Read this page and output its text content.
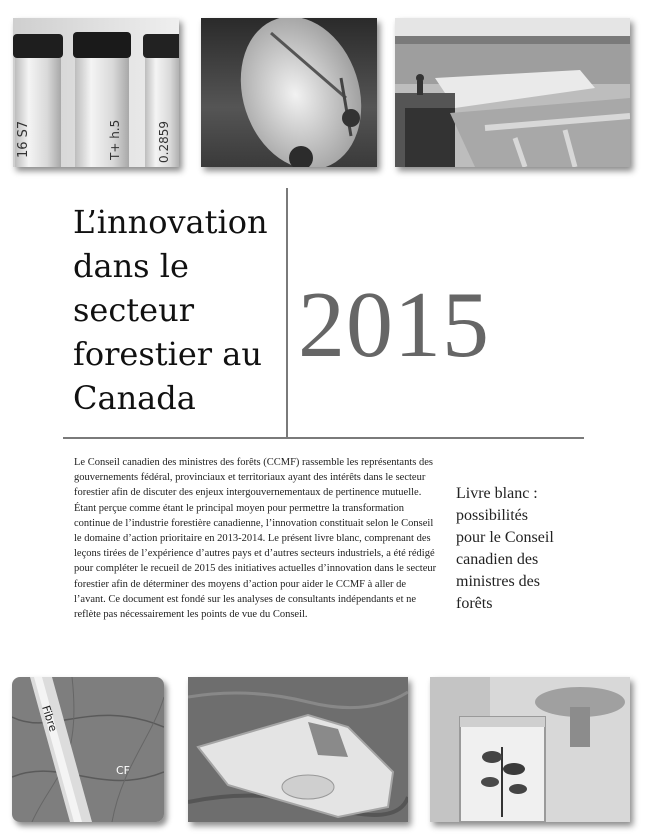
16 S7	T+ h.5	0.2859
L’innovation
dans le
secteur
forestier au
Canada
2015

Le Conseil canadien des ministres des forêts (CCMF) rassemble les représentants des gouvernements fédéral, provinciaux et territoriaux ayant des intérêts dans le secteur forestier afin de discuter des enjeux intergouvernementaux de pertinence mutuelle. Étant perçue comme étant le principal moyen pour permettre la transformation continue de l’industrie forestière canadienne, l’innovation constituait selon le Conseil le domaine d’action prioritaire en 2013-2014. Le présent livre blanc, comprenant des leçons tirées de l’expérience d’autres pays et d’autres secteurs industriels, a été rédigé pour compléter le recueil de 2015 des initiatives actuelles d’innovation dans le secteur forestier afin de déterminer des moyens d’action pour aider le CCMF à aller de l’avant. Ce document est fondé sur les analyses de consultants indépendants et ne reflète pas nécessairement les points de vue du Conseil.

Livre blanc :
possibilités
pour le Conseil
canadien des
ministres des
forêts
Fibre
CF
